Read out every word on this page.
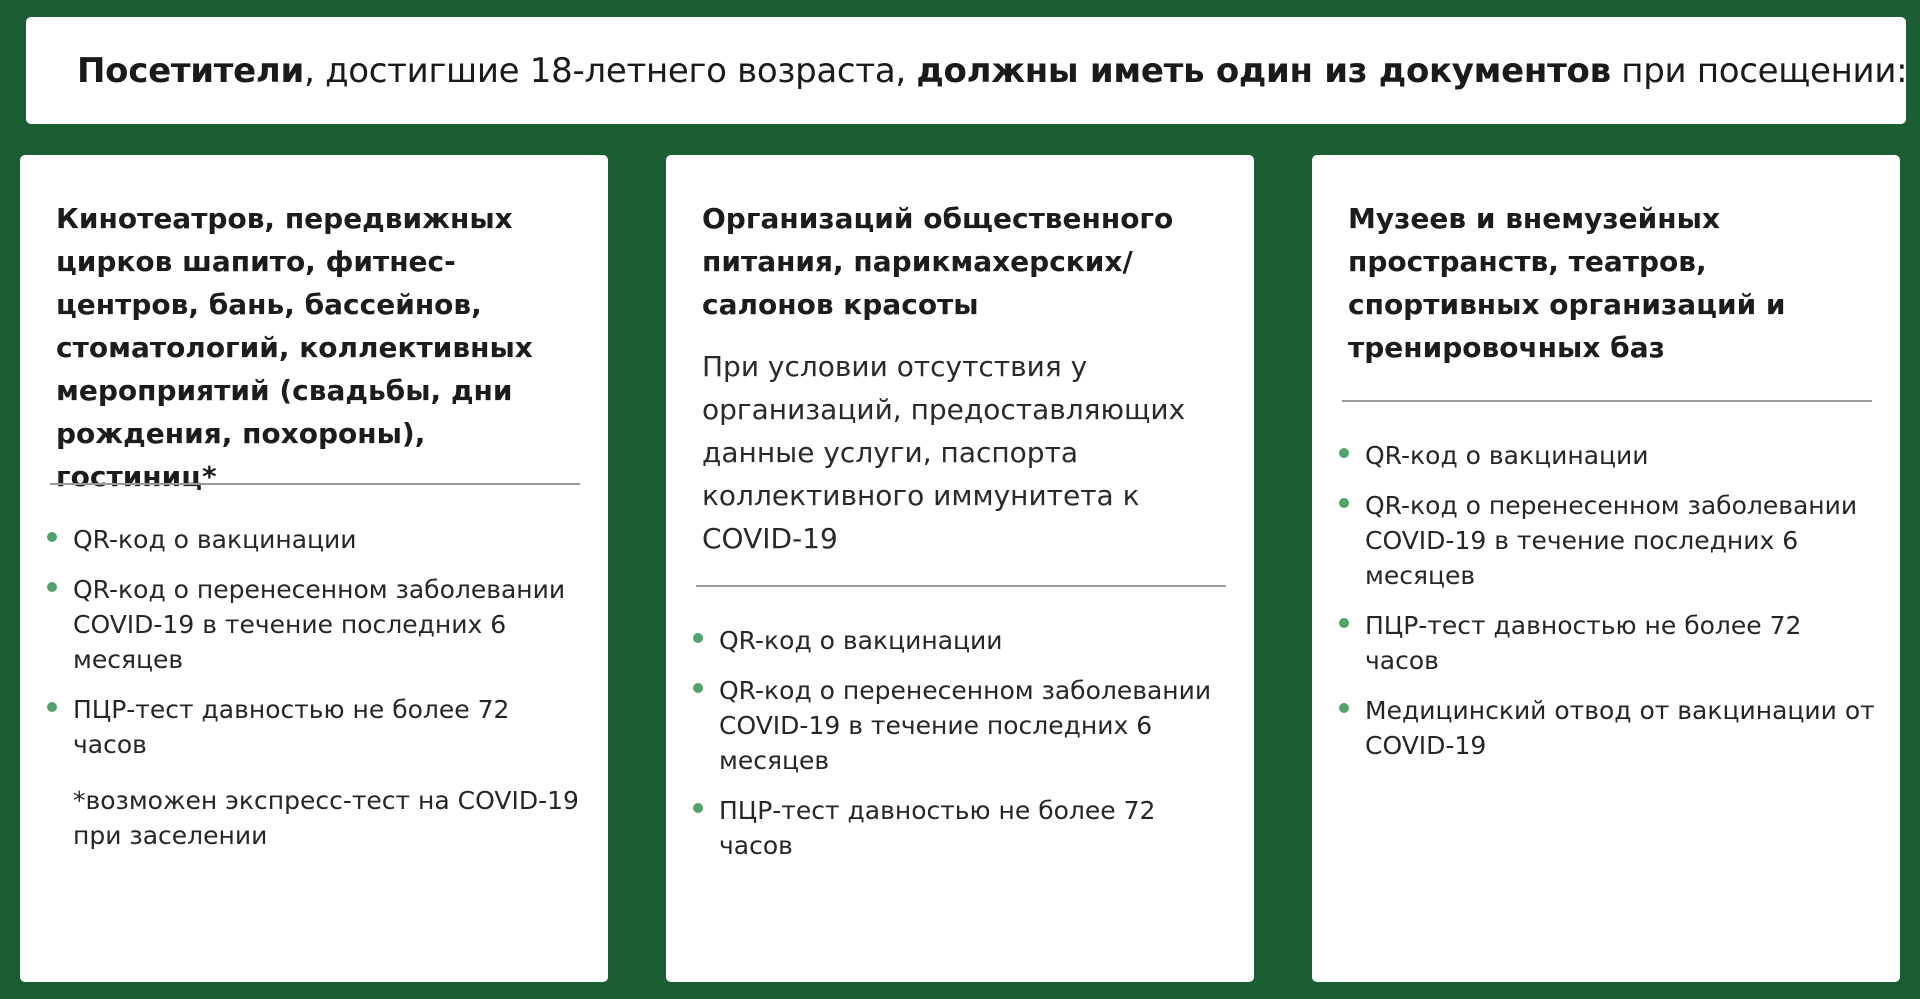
Посетители, достигшие 18-летнего возраста, должны иметь один из документов при посещении:
Кинотеатров, передвижных цирков шапито, фитнес-центров, бань, бассейнов, стоматологий, коллективных мероприятий (свадьбы, дни рождения, похороны), гостиниц*
QR-код о вакцинации
QR-код о перенесенном заболевании COVID-19 в течение последних 6 месяцев
ПЦР-тест давностью не более 72 часов
*возможен экспресс-тест на COVID-19 при заселении
Организаций общественного питания, парикмахерских/салонов красоты
При условии отсутствия у организаций, предоставляющих данные услуги, паспорта коллективного иммунитета к COVID-19
QR-код о вакцинации
QR-код о перенесенном заболевании COVID-19 в течение последних 6 месяцев
ПЦР-тест давностью не более 72 часов
Музеев и внемузейных пространств, театров, спортивных организаций и тренировочных баз
QR-код о вакцинации
QR-код о перенесенном заболевании COVID-19 в течение последних 6 месяцев
ПЦР-тест давностью не более 72 часов
Медицинский отвод от вакцинации от COVID-19
